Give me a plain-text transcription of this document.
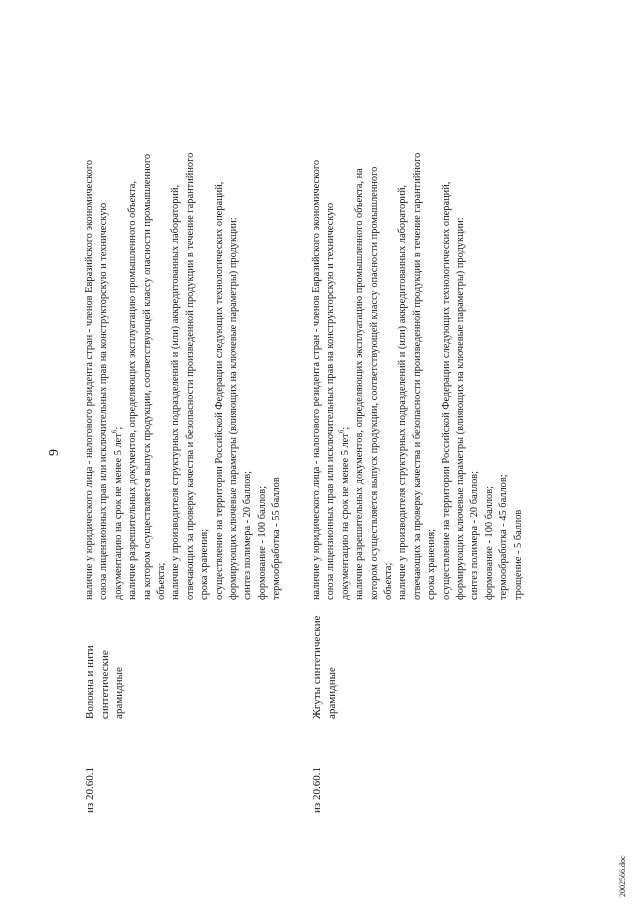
9
из 20.60.1
Волокна и нити синтетические арамидные
наличие у юридического лица - налогового резидента стран - членов Евразийского экономического союза лицензионных прав или исключительных прав на конструкторскую и техническую документацию на срок не менее 5 лет$^6$; наличие разрешительных документов, определяющих эксплуатацию промышленного объекта, на котором осуществляется выпуск продукции, соответствующей классу опасности промышленного объекта; наличие у производителя структурных подразделений и (или) аккредитованных лабораторий, отвечающих за проверку качества и безопасности произведенной продукции в течение гарантийного срока хранения; осуществление на территории Российской Федерации следующих технологических операций, формирующих ключевые параметры (влияющих на ключевые параметры) продукции: синтез полимера - 20 баллов; формование - 100 баллов; термообработка - 55 баллов
из 20.60.1
Жгуты синтетические арамидные
наличие у юридического лица - налогового резидента стран - членов Евразийского экономического союза лицензионных прав или исключительных прав на конструкторскую и техническую документацию на срок не менее 5 лет$^6$; наличие разрешительных документов, определяющих эксплуатацию промышленного объекта, на котором осуществляется выпуск продукции, соответствующей классу опасности промышленного объекта; наличие у производителя структурных подразделений и (или) аккредитованных лабораторий, отвечающих за проверку качества и безопасности произведенной продукции в течение гарантийного срока хранения; осуществление на территории Российской Федерации следующих технологических операций, формирующих ключевые параметры (влияющих на ключевые параметры) продукции: синтез полимера - 20 баллов; формование - 100 баллов; термообработка - 45 баллов; трощение - 5 баллов
2002566.doc
